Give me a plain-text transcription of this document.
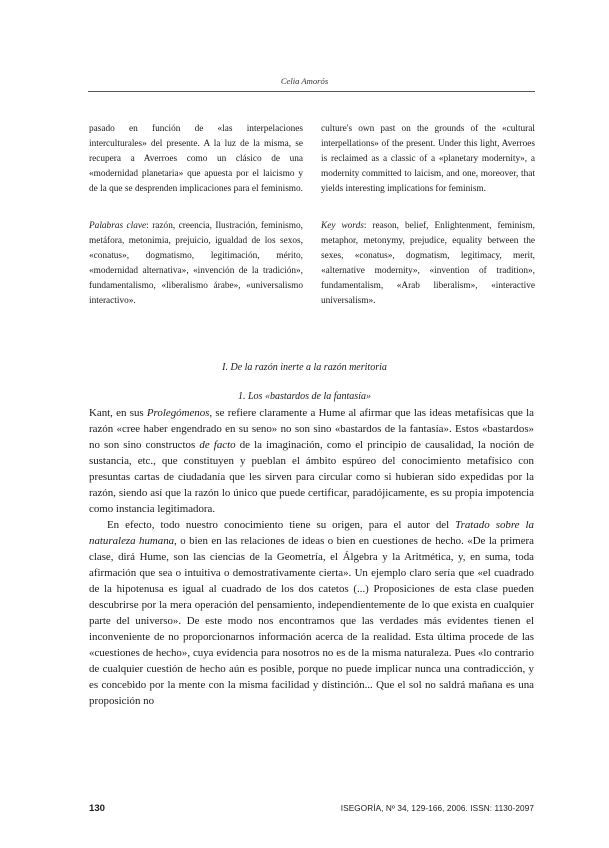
Celia Amorós
pasado en función de «las interpelaciones interculturales» del presente. A la luz de la misma, se recupera a Averroes como un clásico de una «modernidad planetaria» que apuesta por el laicismo y de la que se desprenden implicaciones para el feminismo.
culture's own past on the grounds of the «cultural interpellations» of the present. Under this light, Averroes is reclaimed as a classic of a «planetary modernity», a modernity committed to laicism, and one, moreover, that yields interesting implications for feminism.
Palabras clave: razón, creencia, Ilustración, feminismo, metáfora, metonimia, prejuicio, igualdad de los sexos, «conatus», dogmatismo, legitimación, mérito, «modernidad alternativa», «invención de la tradición», fundamentalismo, «liberalismo árabe», «universalismo interactivo».
Key words: reason, belief, Enlightenment, feminism, metaphor, metonymy, prejudice, equality between the sexes, «conatus», dogmatism, legitimacy, merit, «alternative modernity», «invention of tradition», fundamentalism, «Arab liberalism», «interactive universalism».
I. De la razón inerte a la razón meritoria
1. Los «bastardos de la fantasía»

Kant, en sus Prolegómenos, se refiere claramente a Hume al afirmar que las ideas metafísicas que la razón «cree haber engendrado en su seno» no son sino «bastardos de la fantasía». Estos «bastardos» no son sino constructos de facto de la imaginación, como el principio de causalidad, la noción de sustancia, etc., que constituyen y pueblan el ámbito espúreo del conocimiento metafísico con presuntas cartas de ciudadanía que les sirven para circular como si hubieran sido expedidas por la razón, siendo así que la razón lo único que puede certificar, paradójicamente, es su propia impotencia como instancia legitimadora.

En efecto, todo nuestro conocimiento tiene su origen, para el autor del Tratado sobre la naturaleza humana, o bien en las relaciones de ideas o bien en cuestiones de hecho. «De la primera clase, dirá Hume, son las ciencias de la Geometría, el Álgebra y la Aritmética, y, en suma, toda afirmación que sea o intuitiva o demostrativamente cierta». Un ejemplo claro sería que «el cuadrado de la hipotenusa es igual al cuadrado de los dos catetos (...) Proposiciones de esta clase pueden descubrirse por la mera operación del pensamiento, independientemente de lo que exista en cualquier parte del universo». De este modo nos encontramos que las verdades más evidentes tienen el inconveniente de no proporcionarnos información acerca de la realidad. Esta última procede de las «cuestiones de hecho», cuya evidencia para nosotros no es de la misma naturaleza. Pues «lo contrario de cualquier cuestión de hecho aún es posible, porque no puede implicar nunca una contradicción, y es concebido por la mente con la misma facilidad y distinción... Que el sol no saldrá mañana es una proposición no

130	ISEGORÍA, Nº 34, 129-166, 2006. ISSN: 1130-2097
